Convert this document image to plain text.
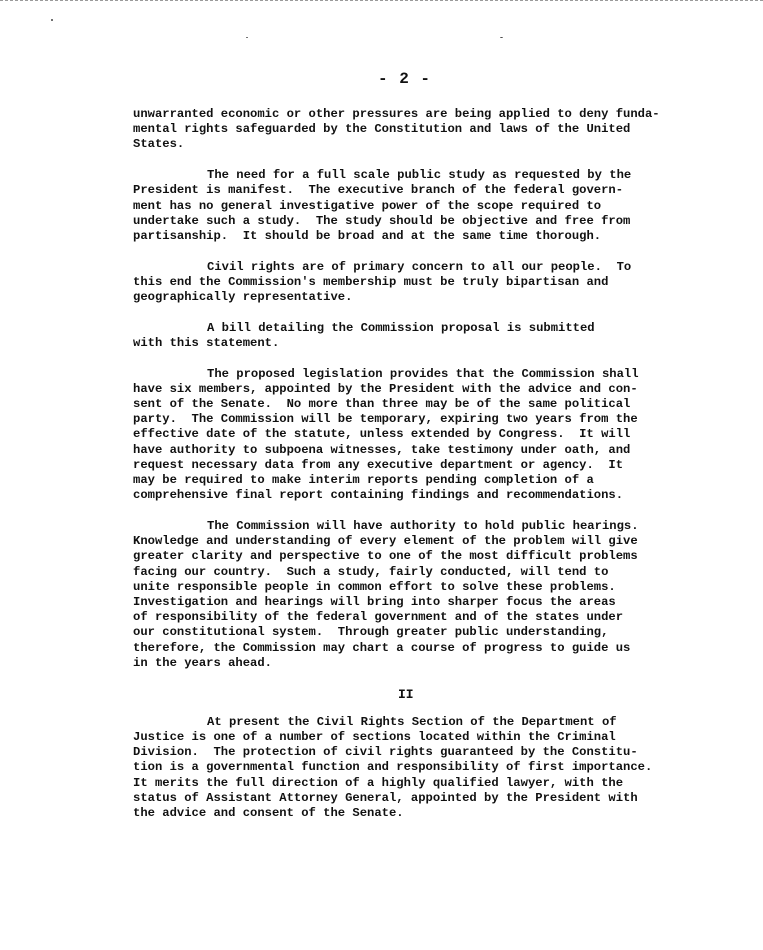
- 2 -
unwarranted economic or other pressures are being applied to deny funda-
mental rights safeguarded by the Constitution and laws of the United
States.
The need for a full scale public study as requested by the
President is manifest.  The executive branch of the federal govern-
ment has no general investigative power of the scope required to
undertake such a study.  The study should be objective and free from
partisanship.  It should be broad and at the same time thorough.
Civil rights are of primary concern to all our people.  To
this end the Commission's membership must be truly bipartisan and
geographically representative.
A bill detailing the Commission proposal is submitted
with this statement.
The proposed legislation provides that the Commission shall
have six members, appointed by the President with the advice and con-
sent of the Senate.  No more than three may be of the same political
party.  The Commission will be temporary, expiring two years from the
effective date of the statute, unless extended by Congress.  It will
have authority to subpoena witnesses, take testimony under oath, and
request necessary data from any executive department or agency.  It
may be required to make interim reports pending completion of a
comprehensive final report containing findings and recommendations.
The Commission will have authority to hold public hearings.
Knowledge and understanding of every element of the problem will give
greater clarity and perspective to one of the most difficult problems
facing our country.  Such a study, fairly conducted, will tend to
unite responsible people in common effort to solve these problems.
Investigation and hearings will bring into sharper focus the areas
of responsibility of the federal government and of the states under
our constitutional system.  Through greater public understanding,
therefore, the Commission may chart a course of progress to guide us
in the years ahead.
II
At present the Civil Rights Section of the Department of
Justice is one of a number of sections located within the Criminal
Division.  The protection of civil rights guaranteed by the Constitu-
tion is a governmental function and responsibility of first importance.
It merits the full direction of a highly qualified lawyer, with the
status of Assistant Attorney General, appointed by the President with
the advice and consent of the Senate.
